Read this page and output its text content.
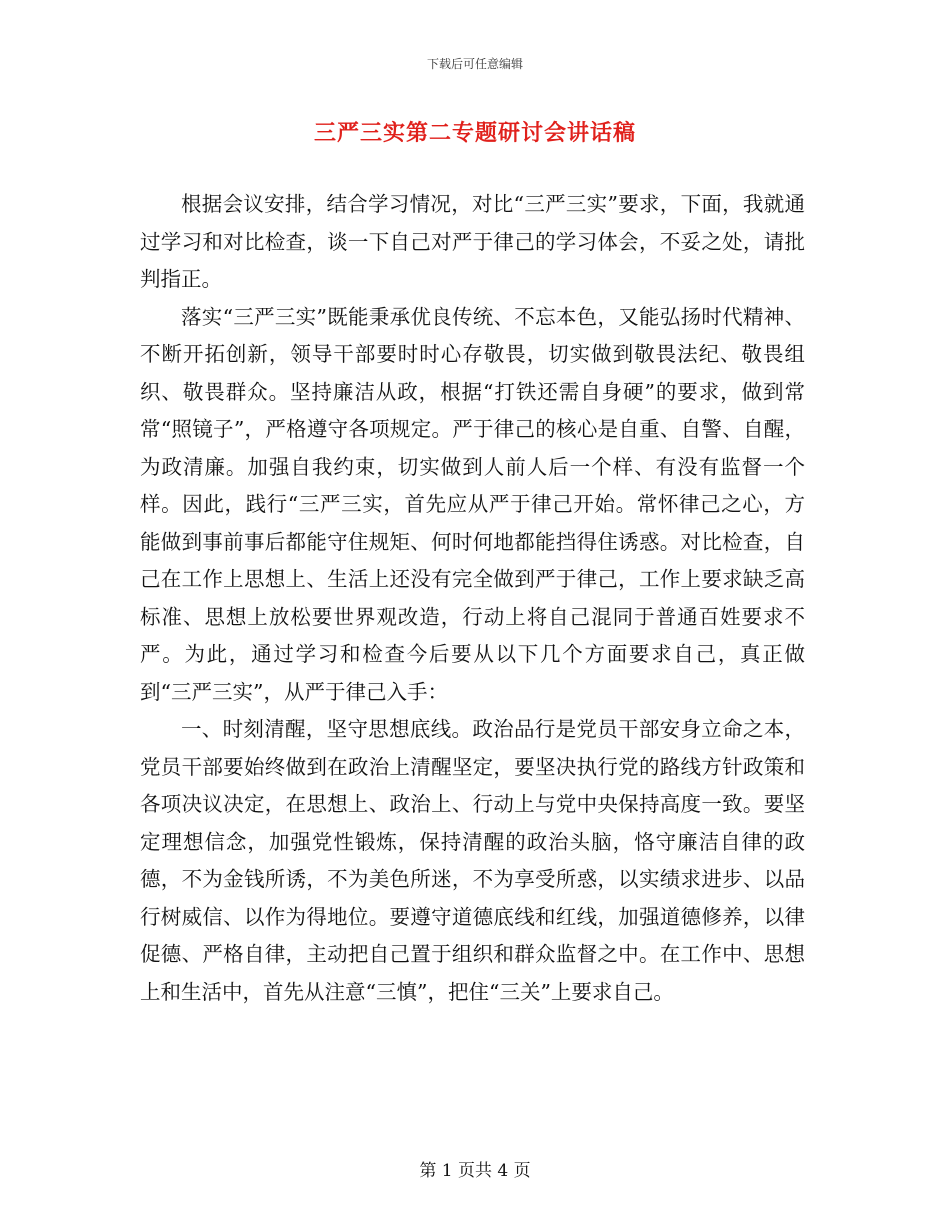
下载后可任意编辑
三严三实第二专题研讨会讲话稿

根据会议安排，结合学习情况，对比“三严三实”要求，下面，我就通过学习和对比检查，谈一下自己对严于律己的学习体会，不妥之处，请批判指正。

落实“三严三实”既能秉承优良传统、不忘本色，又能弘扬时代精神、不断开拓创新，领导干部要时时心存敬畏，切实做到敬畏法纪、敬畏组织、敬畏群众。坚持廉洁从政，根据“打铁还需自身硬”的要求，做到常常“照镜子”，严格遵守各项规定。严于律己的核心是自重、自警、自醒，为政清廉。加强自我约束，切实做到人前人后一个样、有没有监督一个样。因此，践行“三严三实，首先应从严于律己开始。常怀律己之心，方能做到事前事后都能守住规矩、何时何地都能挡得住诱惑。对比检查，自己在工作上思想上、生活上还没有完全做到严于律己，工作上要求缺乏高标准、思想上放松要世界观改造，行动上将自己混同于普通百姓要求不严。为此，通过学习和检查今后要从以下几个方面要求自己，真正做到“三严三实”，从严于律己入手：

一、时刻清醒，坚守思想底线。政治品行是党员干部安身立命之本，党员干部要始终做到在政治上清醒坚定，要坚决执行党的路线方针政策和各项决议决定，在思想上、政治上、行动上与党中央保持高度一致。要坚定理想信念，加强党性锻炼，保持清醒的政治头脑，恪守廉洁自律的政德，不为金钱所诱，不为美色所迷，不为享受所惑，以实绩求进步、以品行树威信、以作为得地位。要遵守道德底线和红线，加强道德修养，以律促德、严格自律，主动把自己置于组织和群众监督之中。在工作中、思想上和生活中，首先从注意“三慎”，把住“三关”上要求自己。

第 1 页共 4 页
